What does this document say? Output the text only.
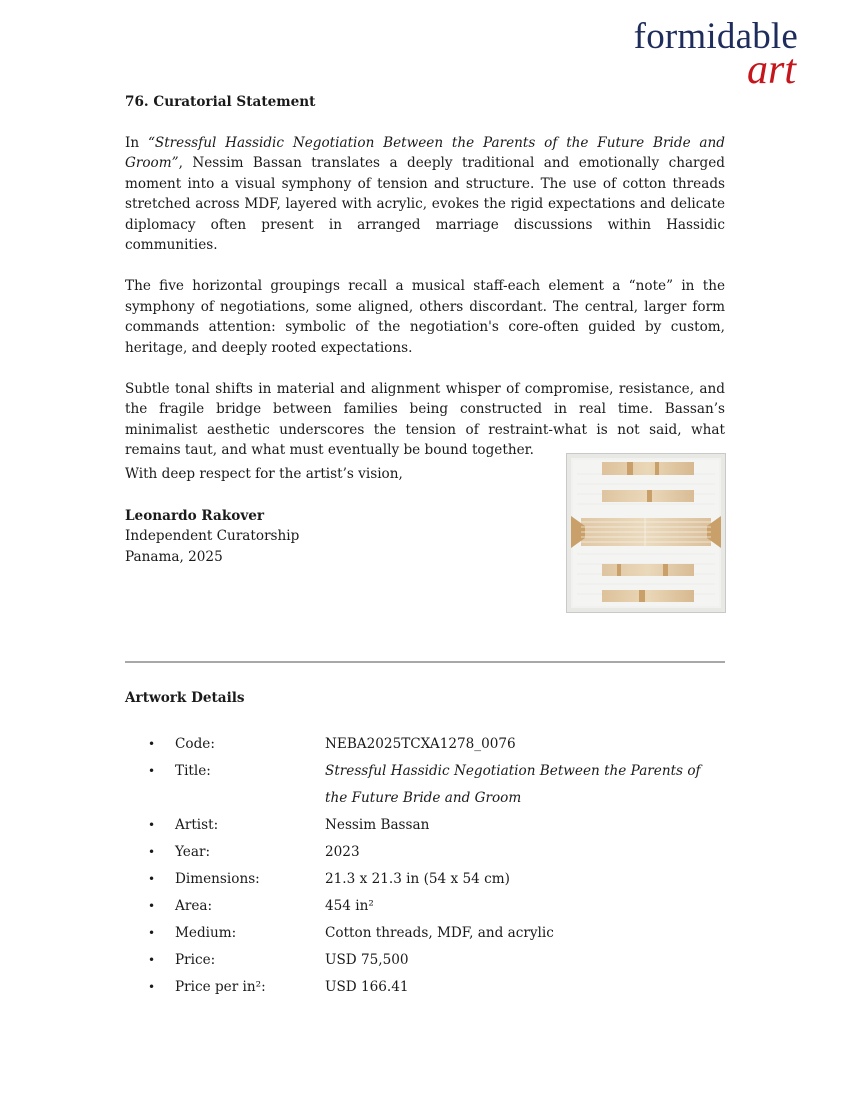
formidable
art
76. Curatorial Statement

In “Stressful Hassidic Negotiation Between the Parents of the Future Bride and Groom”, Nessim Bassan translates a deeply traditional and emotionally charged moment into a visual symphony of tension and structure. The use of cotton threads stretched across MDF, layered with acrylic, evokes the rigid expectations and delicate diplomacy often present in arranged marriage discussions within Hassidic communities.

The five horizontal groupings recall a musical staff-each element a “note” in the symphony of negotiations, some aligned, others discordant. The central, larger form commands attention: symbolic of the negotiation's core-often guided by custom, heritage, and deeply rooted expectations.

Subtle tonal shifts in material and alignment whisper of compromise, resistance, and the fragile bridge between families being constructed in real time. Bassan’s minimalist aesthetic underscores the tension of restraint-what is not said, what remains taut, and what must eventually be bound together.

With deep respect for the artist’s vision,
Leonardo Rakover
Independent Curatorship
Panama, 2025
Artwork Details
• Code:	NEBA2025TCXA1278_0076
• Title:	Stressful Hassidic Negotiation Between the Parents of the Future Bride and Groom
• Artist:	Nessim Bassan
• Year:	2023
• Dimensions:	21.3 x 21.3 in (54 x 54 cm)
• Area:	454 in²
• Medium:	Cotton threads, MDF, and acrylic
• Price:	USD 75,500
• Price per in²:	USD 166.41
